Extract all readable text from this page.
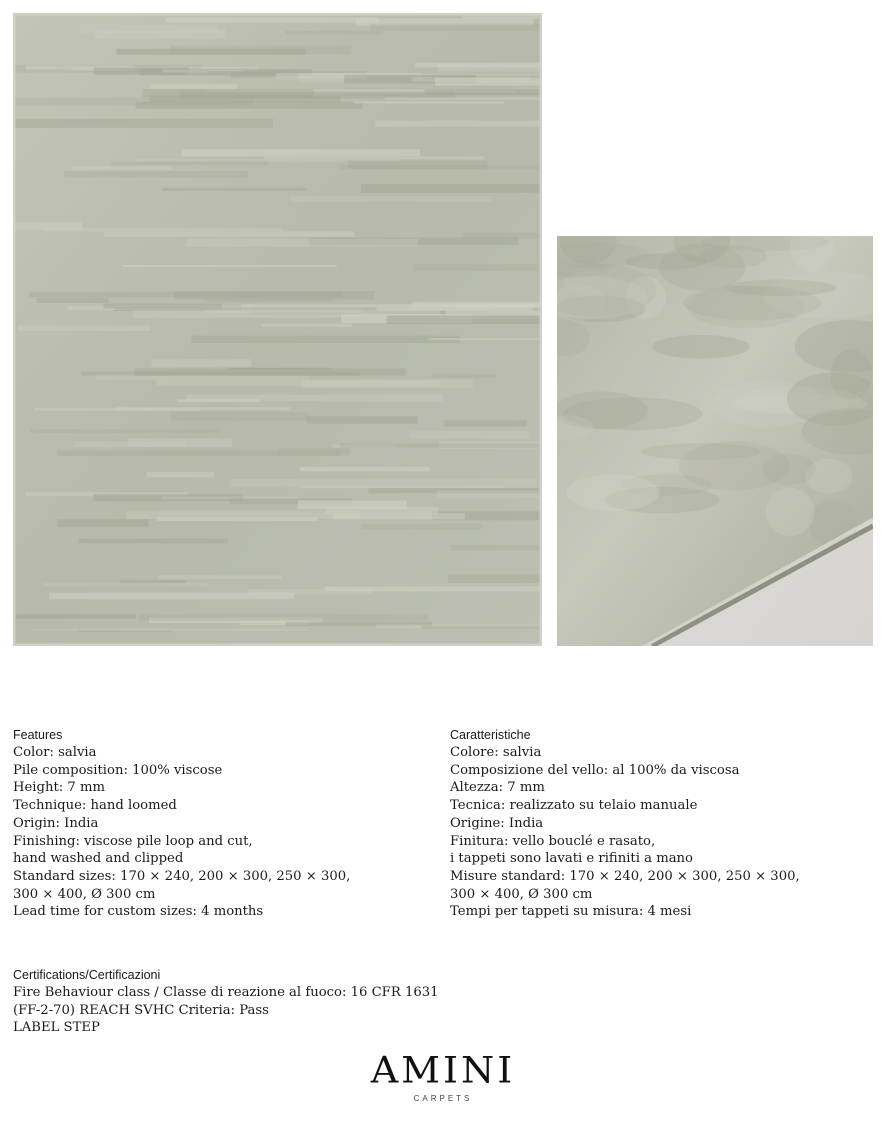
Features
Color: salvia
Pile composition: 100% viscose
Height: 7 mm
Technique: hand loomed
Origin: India
Finishing: viscose pile loop and cut,
hand washed and clipped
Standard sizes: 170 × 240, 200 × 300, 250 × 300,
300 × 400, Ø 300 cm
Lead time for custom sizes: 4 months
Caratteristiche
Colore: salvia
Composizione del vello: al 100% da viscosa
Altezza: 7 mm
Tecnica: realizzato su telaio manuale
Origine: India
Finitura: vello bouclé e rasato,
i tappeti sono lavati e rifiniti a mano
Misure standard: 170 × 240, 200 × 300, 250 × 300,
300 × 400, Ø 300 cm
Tempi per tappeti su misura: 4 mesi
Certifications/Certificazioni
Fire Behaviour class / Classe di reazione al fuoco: 16 CFR 1631
(FF-2-70) REACH SVHC Criteria: Pass
LABEL STEP
AMINI
CARPETS
